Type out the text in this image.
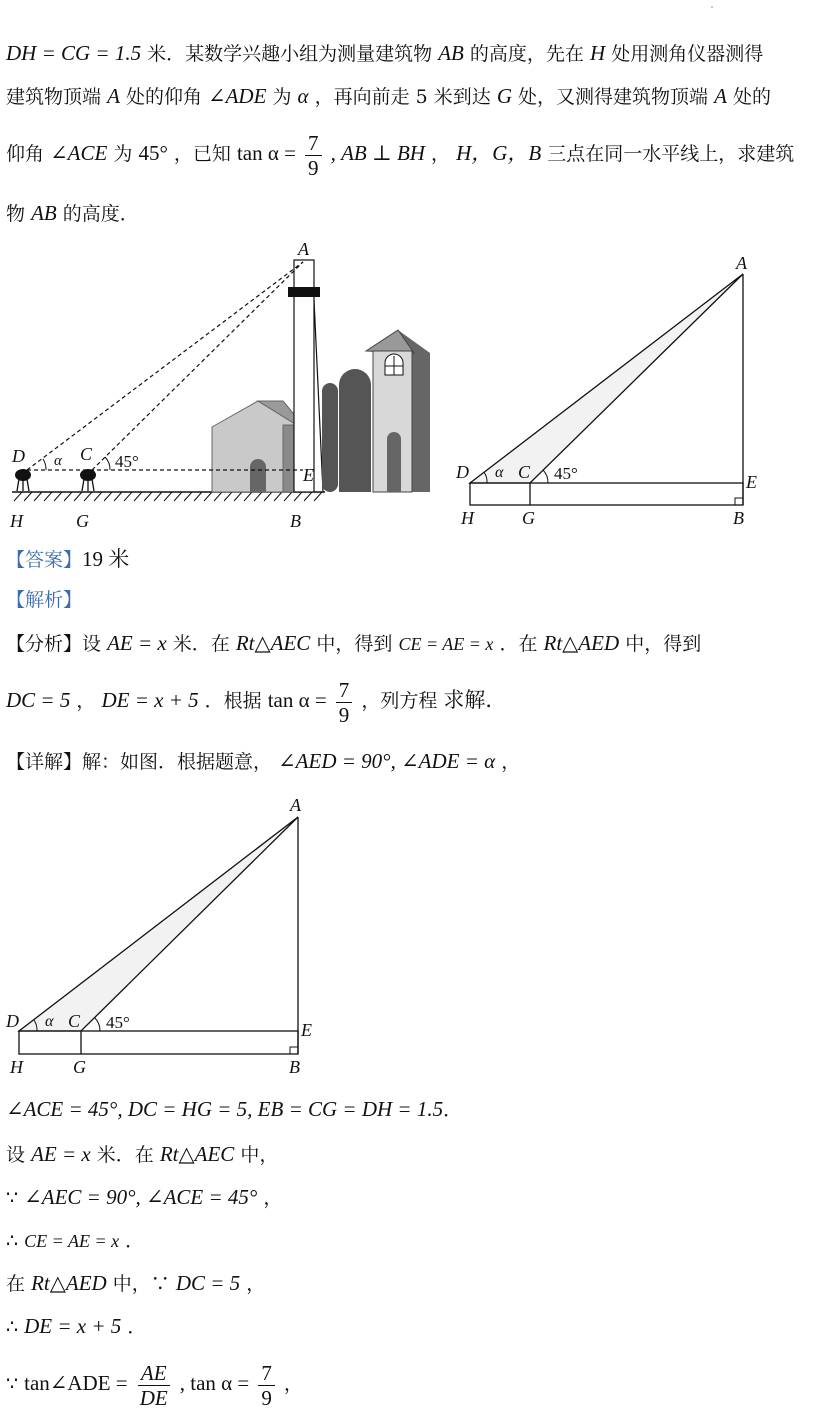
DH = CG = 1.5 米．某数学兴趣小组为测量建筑物 AB 的高度，先在 H 处用测角仪器测得
建筑物顶端 A 处的仰角 ∠ADE 为 α ，再向前走 5 米到达 G 处，又测得建筑物顶端 A 处的
仰角 ∠ACE 为 45° ，已知 $\tan \alpha = \frac{7}{9}$ , AB ⊥ BH ， H，G，B 三点在同一水平线上，求建筑
物 AB 的高度．
A
D	C
α	45°
E
H	G	B
A
D α C 45°	E
H	G	B
【答案】19 米
【解析】
【分析】设 AE = x 米．在 Rt△AEC 中，得到 CE = AE = x ．在 Rt△AED 中，得到
DC = 5 ， DE = x + 5 ．根据 $\tan \alpha = \frac{7}{9}$ ，列方程 求解．
【详解】解：如图．根据题意， ∠AED = 90°, ∠ADE = α ，
A
D α C 45°	E
H	G	B
∠ACE = 45°, DC = HG = 5, EB = CG = DH = 1.5．
设 AE = x 米．在 Rt△AEC 中，
∵ ∠AEC = 90°, ∠ACE = 45° ，
∴ CE = AE = x ．
在 Rt△AED 中，∵ DC = 5 ，
∴ DE = x + 5 ．
∵ tan∠ADE = $\frac{AE}{DE}$ , $\tan \alpha = \frac{7}{9}$ ，
